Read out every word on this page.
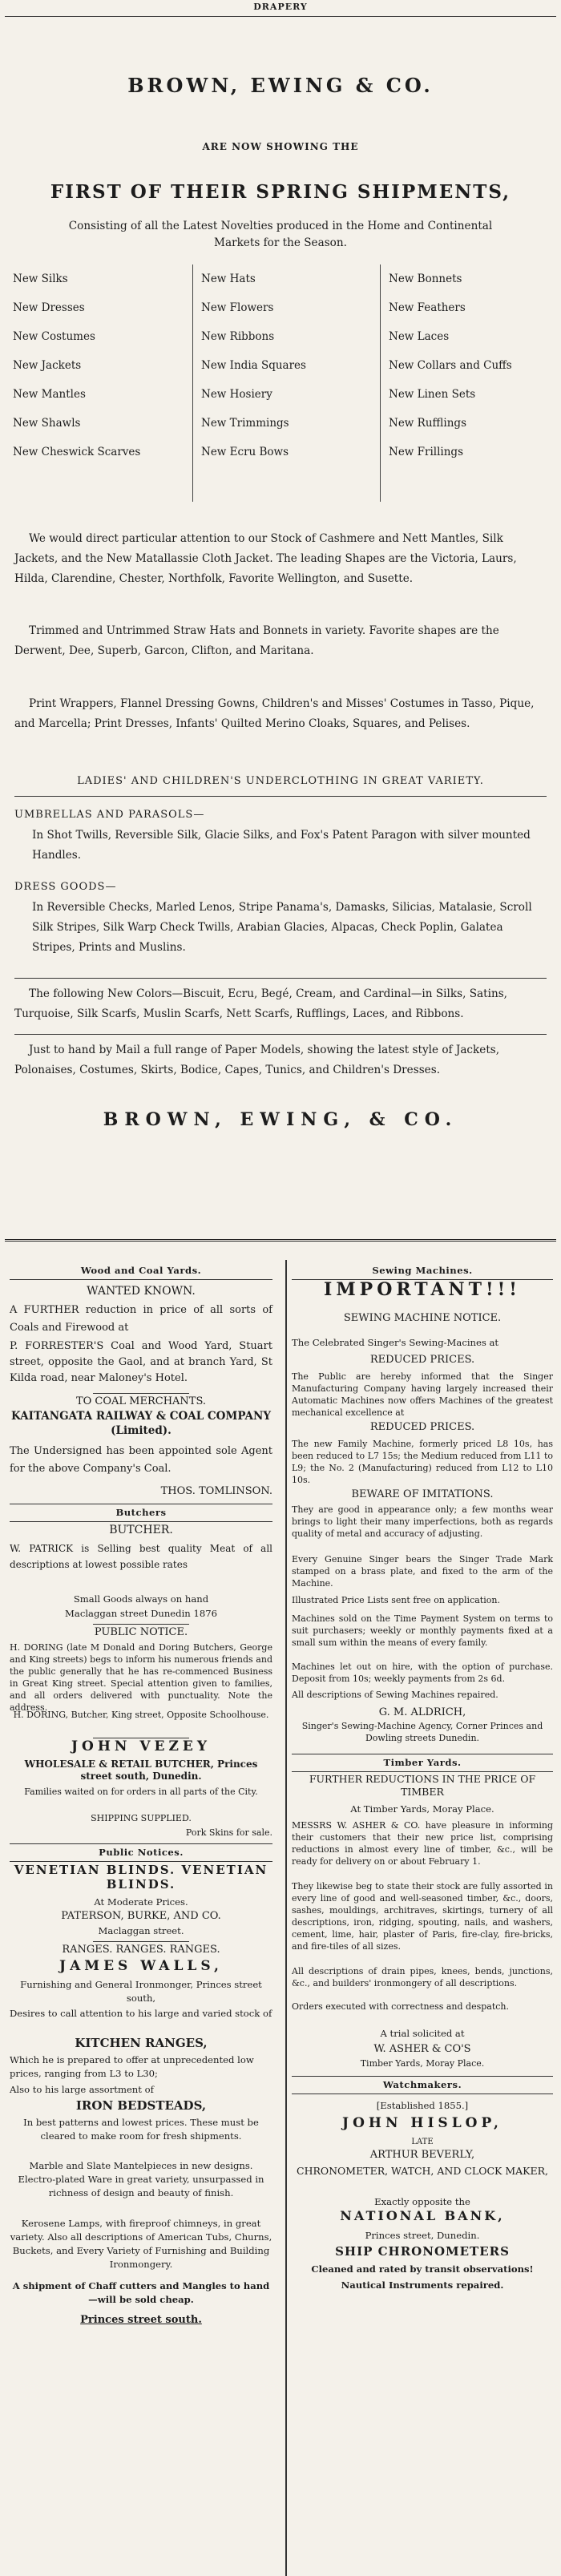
DRAPERY
BROWN, EWING & CO.
ARE NOW SHOWING THE
FIRST OF THEIR SPRING SHIPMENTS,
Consisting of all the Latest Novelties produced in the Home and Continental Markets for the Season.
New Silks
New Dresses
New Costumes
New Jackets
New Mantles
New Shawls
New Cheswick Scarves
New Hats
New Flowers
New Ribbons
New India Squares
New Hosiery
New Trimmings
New Ecru Bows
New Bonnets
New Feathers
New Laces
New Collars and Cuffs
New Linen Sets
New Rufflings
New Frillings
We would direct particular attention to our Stock of Cashmere and Nett Mantles, Silk Jackets, and the New Matallassie Cloth Jacket. The leading Shapes are the Victoria, Laurs, Hilda, Clarendine, Chester, Northfolk, Favorite Wellington, and Susette.
Trimmed and Untrimmed Straw Hats and Bonnets in variety. Favorite shapes are the Derwent, Dee, Superb, Garcon, Clifton, and Maritana.
Print Wrappers, Flannel Dressing Gowns, Children's and Misses' Costumes in Tasso, Pique, and Marcella; Print Dresses, Infants' Quilted Merino Cloaks, Squares, and Pelises.
LADIES' AND CHILDREN'S UNDERCLOTHING IN GREAT VARIETY.
UMBRELLAS AND PARASOLS—
In Shot Twills, Reversible Silk, Glacie Silks, and Fox's Patent Paragon with silver mounted Handles.
DRESS GOODS—
In Reversible Checks, Marled Lenos, Stripe Panama's, Damasks, Silicias, Matalasie, Scroll Silk Stripes, Silk Warp Check Twills, Arabian Glacies, Alpacas, Check Poplin, Galatea Stripes, Prints and Muslins.
The following New Colors—Biscuit, Ecru, Begé, Cream, and Cardinal—in Silks, Satins, Turquoise, Silk Scarfs, Muslin Scarfs, Nett Scarfs, Rufflings, Laces, and Ribbons.
Just to hand by Mail a full range of Paper Models, showing the latest style of Jackets, Polonaises, Costumes, Skirts, Bodice, Capes, Tunics, and Children's Dresses.
BROWN, EWING, & CO.
Wood and Coal Yards.
WANTED KNOWN.
A FURTHER reduction in price of all sorts of Coals and Firewood at
P. FORRESTER'S Coal and Wood Yard, Stuart street, opposite the Gaol, and at branch Yard, St Kilda road, near Maloney's Hotel.
TO COAL MERCHANTS.
KAITANGATA RAILWAY & COAL COMPANY (Limited).
The Undersigned has been appointed sole Agent for the above Company's Coal.
THOS. TOMLINSON.
Butchers
BUTCHER.
W. PATRICK is Selling best quality Meat of all descriptions at lowest possible rates
Small Goods always on hand
Maclaggan street Dunedin 1876
PUBLIC NOTICE.
H. DORING (late M Donald and Doring Butchers, George and King streets) begs to inform his numerous friends and the public generally that he has re-commenced Business in Great King street. Special attention given to families, and all orders delivered with punctuality. Note the address.
H. DORING, Butcher, King street, Opposite Schoolhouse.
JOHN VEZEY
WHOLESALE & RETAIL BUTCHER, Princes street south, Dunedin.
Families waited on for orders in all parts of the City.
SHIPPING SUPPLIED.
Pork Skins for sale.
Public Notices.
VENETIAN BLINDS. VENETIAN BLINDS.
At Moderate Prices.
PATERSON, BURKE, AND CO.
Maclaggan street.
RANGES. RANGES. RANGES.
JAMES WALLS,
Furnishing and General Ironmonger, Princes street south,
Desires to call attention to his large and varied stock of
KITCHEN RANGES,
Which he is prepared to offer at unprecedented low prices, ranging from L3 to L30;
Also to his large assortment of
IRON BEDSTEADS,
In best patterns and lowest prices. These must be cleared to make room for fresh shipments.
Marble and Slate Mantelpieces in new designs. Electro-plated Ware in great variety, unsurpassed in richness of design and beauty of finish.
Kerosene Lamps, with fireproof chimneys, in great variety. Also all descriptions of American Tubs, Churns, Buckets, and Every Variety of Furnishing and Building Ironmongery.
A shipment of Chaff cutters and Mangles to hand—will be sold cheap.
Princes street south.
Sewing Machines.
IMPORTANT!!!
SEWING MACHINE NOTICE.
The Celebrated Singer's Sewing-Macines at
REDUCED PRICES.
The Public are hereby informed that the Singer Manufacturing Company having largely increased their Automatic Machines now offers Machines of the greatest mechanical excellence at
REDUCED PRICES.
The new Family Machine, formerly priced L8 10s, has been reduced to L7 15s; the Medium reduced from L11 to L9; the No. 2 (Manufacturing) reduced from L12 to L10 10s.
BEWARE OF IMITATIONS.
They are good in appearance only; a few months wear brings to light their many imperfections, both as regards quality of metal and accuracy of adjusting.
Every Genuine Singer bears the Singer Trade Mark stamped on a brass plate, and fixed to the arm of the Machine.
Illustrated Price Lists sent free on application.
Machines sold on the Time Payment System on terms to suit purchasers; weekly or monthly payments fixed at a small sum within the means of every family.
Machines let out on hire, with the option of purchase. Deposit from 10s; weekly payments from 2s 6d.
All descriptions of Sewing Machines repaired.
G. M. ALDRICH,
Singer's Sewing-Machine Agency, Corner Princes and Dowling streets Dunedin.
Timber Yards.
FURTHER REDUCTIONS IN THE PRICE OF TIMBER
At Timber Yards, Moray Place.
MESSRS W. ASHER & CO. have pleasure in informing their customers that their new price list, comprising reductions in almost every line of timber, &c., will be ready for delivery on or about February 1.
They likewise beg to state their stock are fully assorted in every line of good and well-seasoned timber, &c., doors, sashes, mouldings, architraves, skirtings, turnery of all descriptions, iron, ridging, spouting, nails, and washers, cement, lime, hair, plaster of Paris, fire-clay, fire-bricks, and fire-tiles of all sizes.
All descriptions of drain pipes, knees, bends, junctions, &c., and builders' ironmongery of all descriptions.
Orders executed with correctness and despatch.
A trial solicited at
W. ASHER & CO'S
Timber Yards, Moray Place.
Watchmakers.
[Established 1855.]
JOHN HISLOP,
LATE
ARTHUR BEVERLY,
CHRONOMETER, WATCH, AND CLOCK MAKER,
Exactly opposite the
NATIONAL BANK,
Princes street, Dunedin.
SHIP CHRONOMETERS
Cleaned and rated by transit observations!
Nautical Instruments repaired.
